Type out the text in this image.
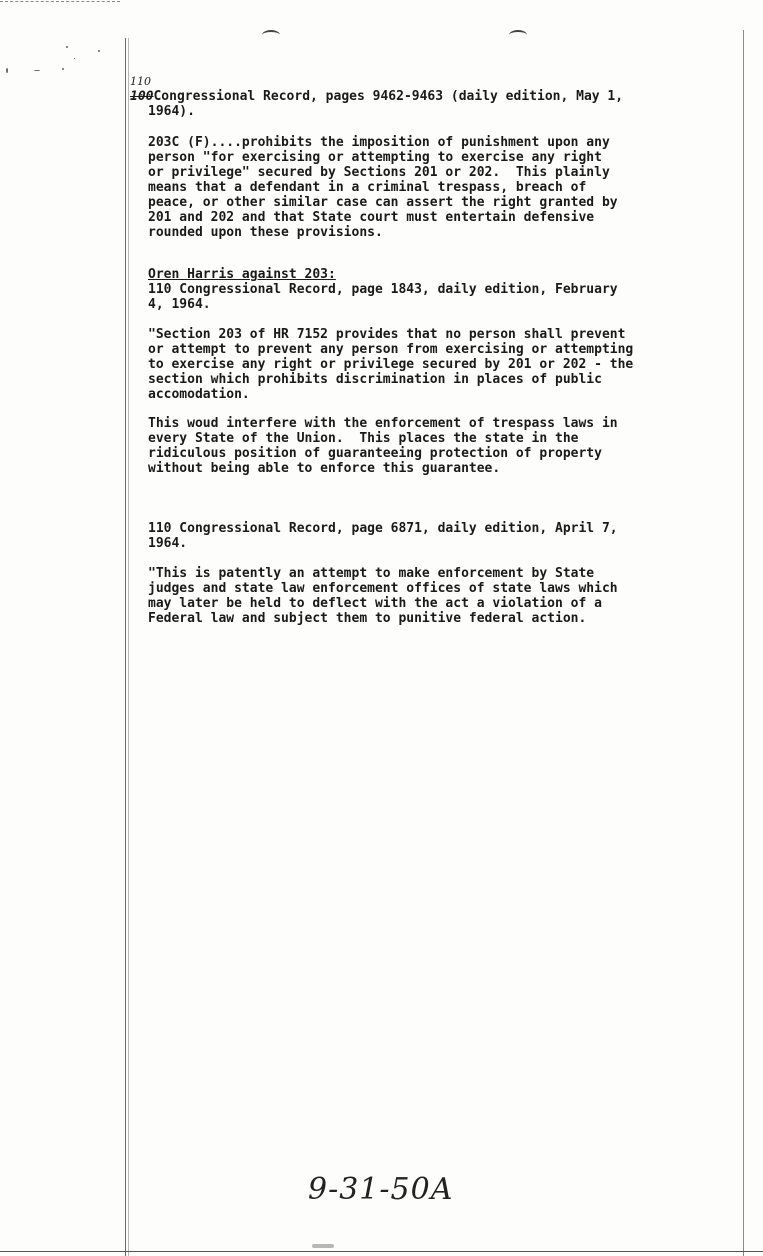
110
100Congressional Record, pages 9462-9463 (daily edition, May 1,
1964).
203C (F)....prohibits the imposition of punishment upon any
person "for exercising or attempting to exercise any right
or privilege" secured by Sections 201 or 202.  This plainly
means that a defendant in a criminal trespass, breach of
peace, or other similar case can assert the right granted by
201 and 202 and that State court must entertain defensive
rounded upon these provisions.
Oren Harris against 203:
110 Congressional Record, page 1843, daily edition, February
4, 1964.
"Section 203 of HR 7152 provides that no person shall prevent
or attempt to prevent any person from exercising or attempting
to exercise any right or privilege secured by 201 or 202 - the
section which prohibits discrimination in places of public
accomodation.
This woud interfere with the enforcement of trespass laws in
every State of the Union.  This places the state in the
ridiculous position of guaranteeing protection of property
without being able to enforce this guarantee.
110 Congressional Record, page 6871, daily edition, April 7,
1964.
"This is patently an attempt to make enforcement by State
judges and state law enforcement offices of state laws which
may later be held to deflect with the act a violation of a
Federal law and subject them to punitive federal action.
9-31-50A
